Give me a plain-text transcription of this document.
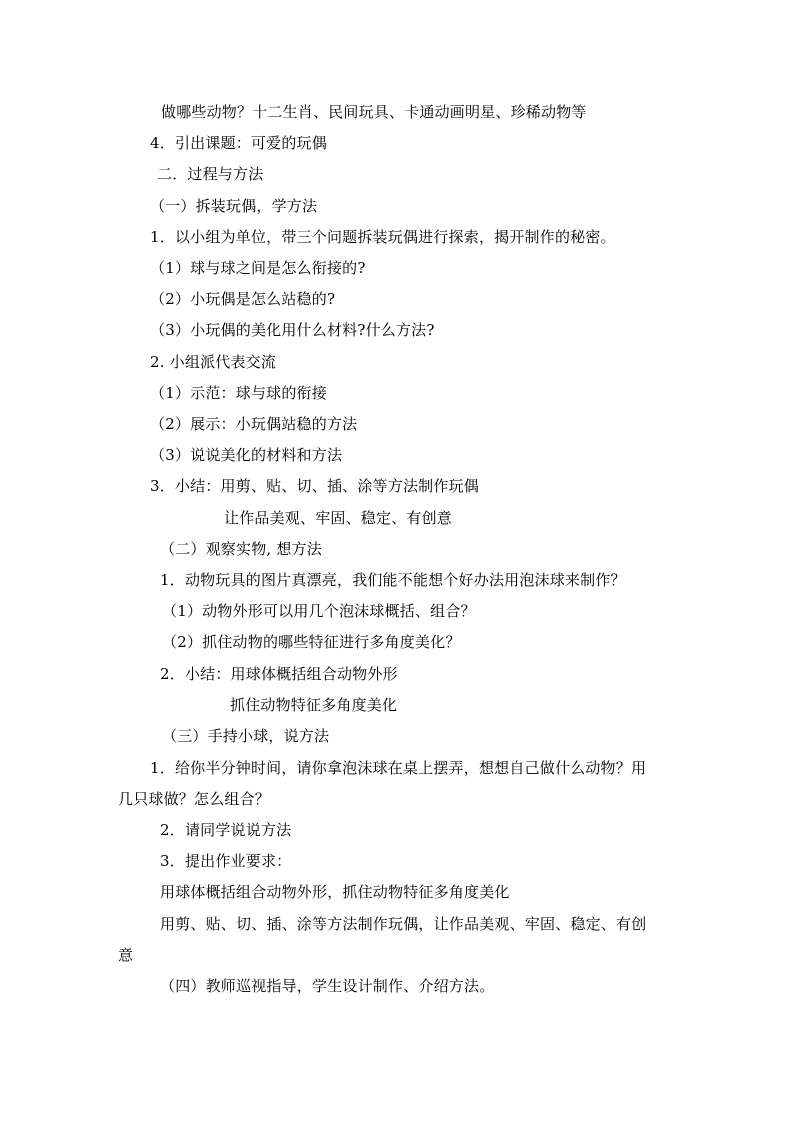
做哪些动物？十二生肖、民间玩具、卡通动画明星、珍稀动物等
4．引出课题：可爱的玩偶
二．过程与方法
（一）拆装玩偶，学方法
1．以小组为单位，带三个问题拆装玩偶进行探索，揭开制作的秘密。
（1）球与球之间是怎么衔接的?
（2）小玩偶是怎么站稳的?
（3）小玩偶的美化用什么材料?什么方法?
2. 小组派代表交流
（1）示范：球与球的衔接
（2）展示：小玩偶站稳的方法
（3）说说美化的材料和方法
3．小结：用剪、贴、切、插、涂等方法制作玩偶
让作品美观、牢固、稳定、有创意
（二）观察实物, 想方法
1．动物玩具的图片真漂亮，我们能不能想个好办法用泡沫球来制作？
（1）动物外形可以用几个泡沫球概括、组合？
（2）抓住动物的哪些特征进行多角度美化？
2．小结：用球体概括组合动物外形
抓住动物特征多角度美化
（三）手持小球，说方法
1．给你半分钟时间，请你拿泡沫球在桌上摆弄，想想自己做什么动物？用
几只球做？怎么组合？
2．请同学说说方法
3．提出作业要求：
用球体概括组合动物外形，抓住动物特征多角度美化
用剪、贴、切、插、涂等方法制作玩偶，让作品美观、牢固、稳定、有创
意
（四）教师巡视指导，学生设计制作、介绍方法。
